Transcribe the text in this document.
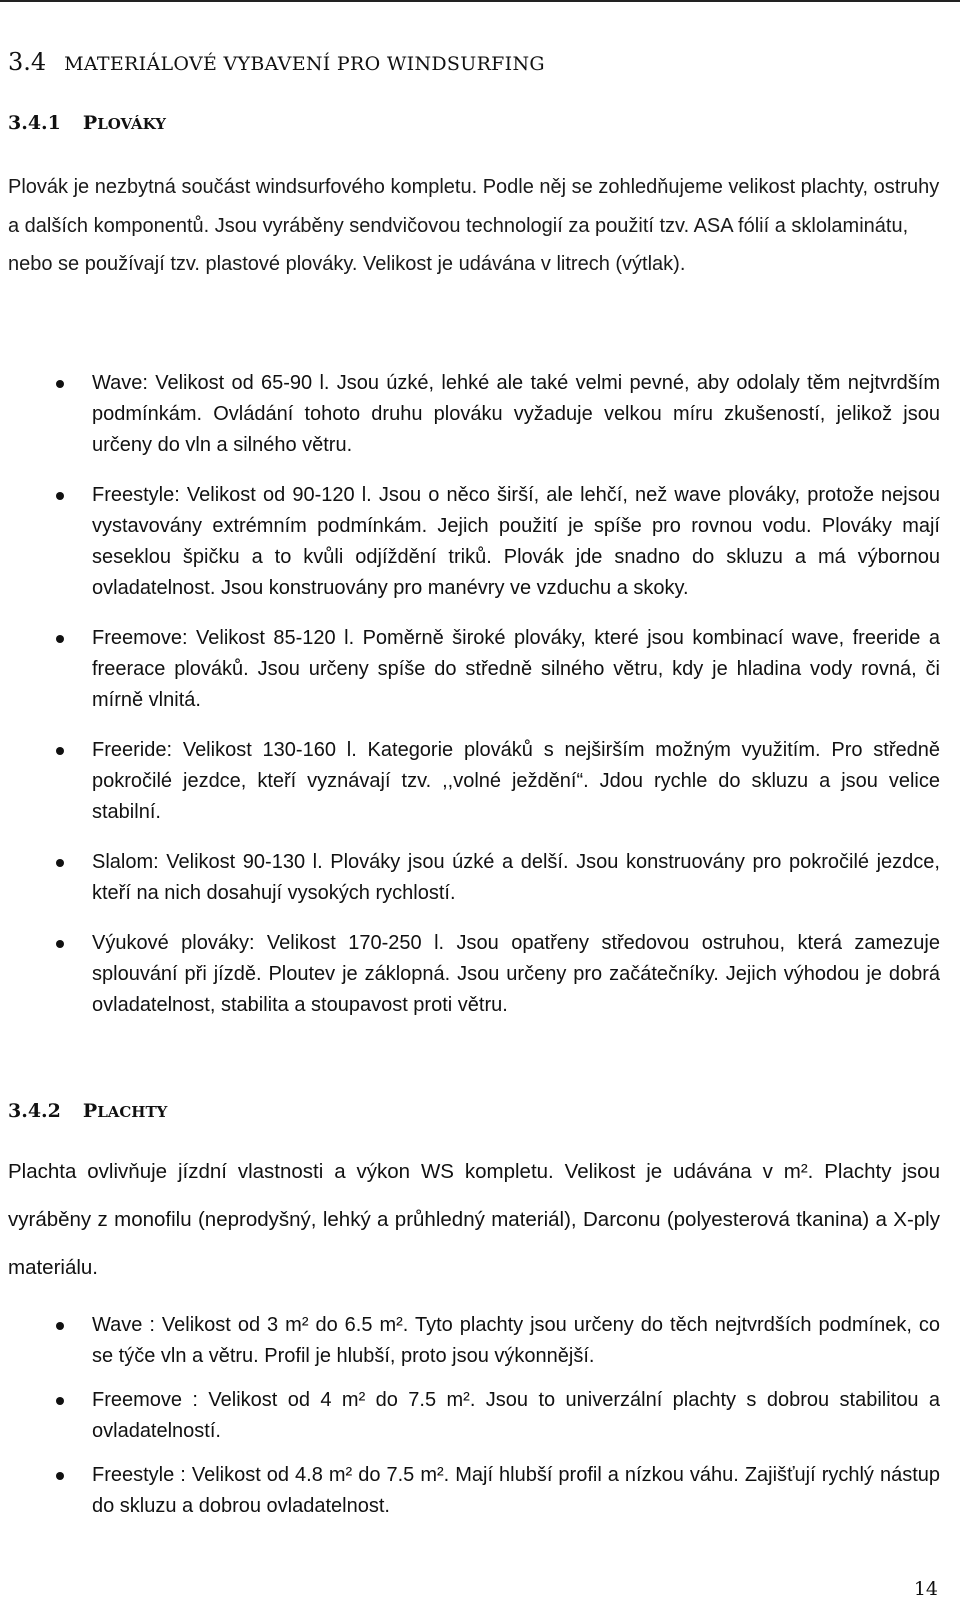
3.4 MATERIÁLOVÉ VYBAVENÍ PRO WINDSURFING
3.4.1 PLOVÁKY

Plovák je nezbytná součást windsurfového kompletu. Podle něj se zohledňujeme velikost plachty, ostruhy a dalších komponentů. Jsou vyráběny sendvičovou technologií za použití tzv. ASA fólií a sklolaminátu, nebo se používají tzv. plastové plováky. Velikost je udávána v litrech (výtlak).

Wave: Velikost od 65-90 l. Jsou úzké, lehké ale také velmi pevné, aby odolaly těm nejtvrdším podmínkám. Ovládání tohoto druhu plováku vyžaduje velkou míru zkušeností, jelikož jsou určeny do vln a silného větru.
Freestyle: Velikost od 90-120 l. Jsou o něco širší, ale lehčí, než wave plováky, protože nejsou vystavovány extrémním podmínkám. Jejich použití je spíše pro rovnou vodu. Plováky mají seseklou špičku a to kvůli odjíždění triků. Plovák jde snadno do skluzu a má výbornou ovladatelnost. Jsou konstruovány pro manévry ve vzduchu a skoky.
Freemove: Velikost 85-120 l. Poměrně široké plováky, které jsou kombinací wave, freeride a freerace plováků. Jsou určeny spíše do středně silného větru, kdy je hladina vody rovná, či mírně vlnitá.
Freeride: Velikost 130-160 l. Kategorie plováků s nejširším možným využitím. Pro středně pokročilé jezdce, kteří vyznávají tzv. ,,volné ježdění“. Jdou rychle do skluzu a jsou velice stabilní.
Slalom: Velikost 90-130 l. Plováky jsou úzké a delší. Jsou konstruovány pro pokročilé jezdce, kteří na nich dosahují vysokých rychlostí.
Výukové plováky: Velikost 170-250 l. Jsou opatřeny středovou ostruhou, která zamezuje splouvání při jízdě. Ploutev je záklopná. Jsou určeny pro začátečníky. Jejich výhodou je dobrá ovladatelnost, stabilita a stoupavost proti větru.
3.4.2 PLACHTY

Plachta ovlivňuje jízdní vlastnosti a výkon WS kompletu. Velikost je udávána v m². Plachty jsou vyráběny z monofilu (neprodyšný, lehký a průhledný materiál), Darconu (polyesterová tkanina) a X-ply materiálu.

Wave : Velikost od 3 m² do 6.5 m². Tyto plachty jsou určeny do těch nejtvrdších podmínek, co se týče vln a větru. Profil je hlubší, proto jsou výkonnější.
Freemove : Velikost od 4 m² do 7.5 m². Jsou to univerzální plachty s dobrou stabilitou a ovladatelností.
Freestyle : Velikost od 4.8 m² do 7.5 m². Mají hlubší profil a nízkou váhu. Zajišťují rychlý nástup do skluzu a dobrou ovladatelnost.
14
